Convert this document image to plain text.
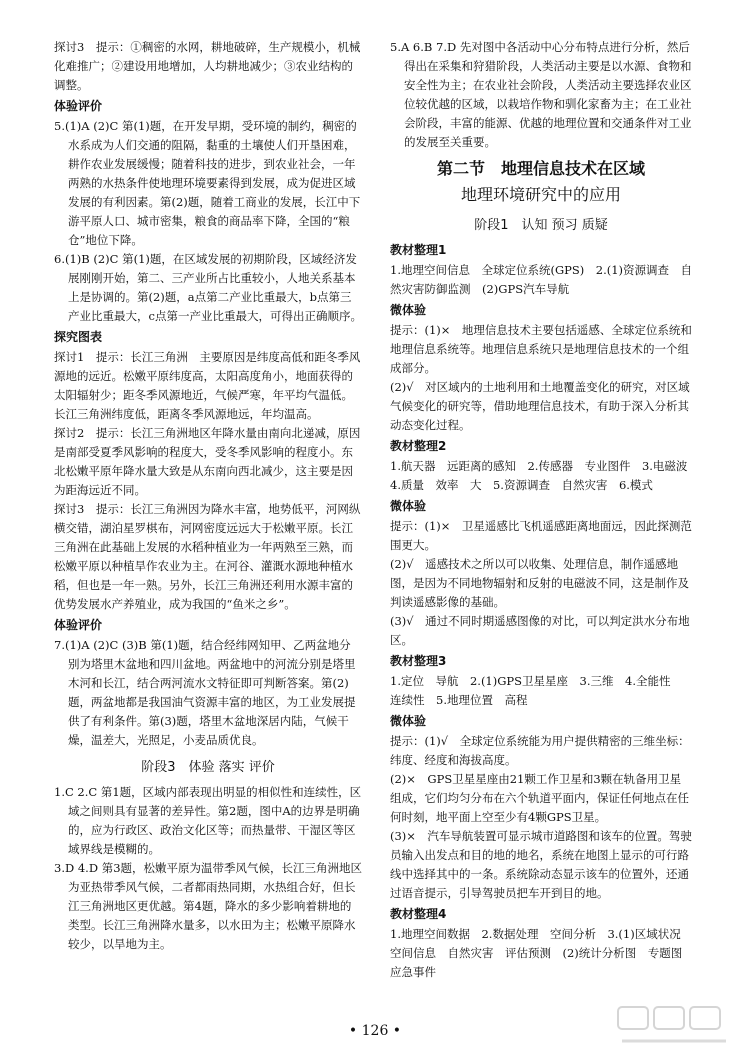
探讨3　提示：①稠密的水网，耕地破碎，生产规模小，机械化难推广；②建设用地增加，人均耕地减少；③农业结构的调整。

体验评价

5.(1)A (2)C 第(1)题，在开发早期，受环境的制约，稠密的水系成为人们交通的阻隔，黏重的土壤使人们开垦困难，耕作农业发展缓慢；随着科技的进步，到农业社会，一年两熟的水热条件使地理环境要素得到发展，成为促进区域发展的有利因素。第(2)题，随着工商业的发展，长江中下游平原人口、城市密集，粮食的商品率下降，全国的“粮仓”地位下降。

6.(1)B (2)C 第(1)题，在区域发展的初期阶段，区域经济发展刚刚开始，第二、三产业所占比重较小，人地关系基本上是协调的。第(2)题，a点第二产业比重最大，b点第三产业比重最大，c点第一产业比重最大，可得出正确顺序。

探究图表

探讨1　提示：长江三角洲　主要原因是纬度高低和距冬季风源地的远近。松嫩平原纬度高，太阳高度角小，地面获得的太阳辐射少；距冬季风源地近，气候严寒，年平均气温低。长江三角洲纬度低，距离冬季风源地远，年均温高。

探讨2　提示：长江三角洲地区年降水量由南向北递减，原因是南部受夏季风影响的程度大，受冬季风影响的程度小。东北松嫩平原年降水量大致是从东南向西北减少，这主要是因为距海远近不同。

探讨3　提示：长江三角洲因为降水丰富，地势低平，河网纵横交错，湖泊星罗棋布，河网密度远远大于松嫩平原。长江三角洲在此基础上发展的水稻种植业为一年两熟至三熟，而松嫩平原以种植旱作农业为主。在河谷、灌溉水源地种植水稻，但也是一年一熟。另外，长江三角洲还利用水源丰富的优势发展水产养殖业，成为我国的“鱼米之乡”。

体验评价

7.(1)A (2)C (3)B 第(1)题，结合经纬网知甲、乙两盆地分别为塔里木盆地和四川盆地。两盆地中的河流分别是塔里木河和长江，结合两河流水文特征即可判断答案。第(2)题，两盆地都是我国油气资源丰富的地区，为工业发展提供了有利条件。第(3)题，塔里木盆地深居内陆，气候干燥，温差大，光照足，小麦品质优良。

阶段3　体验 落实 评价

1.C 2.C 第1题，区域内部表现出明显的相似性和连续性，区域之间则具有显著的差异性。第2题，图中A的边界是明确的，应为行政区、政治文化区等；而热量带、干湿区等区域界线是模糊的。

3.D 4.D 第3题，松嫩平原为温带季风气候，长江三角洲地区为亚热带季风气候，二者都雨热同期，水热组合好，但长江三角洲地区更优越。第4题，降水的多少影响着耕地的类型。长江三角洲降水量多，以水田为主；松嫩平原降水较少，以旱地为主。

5.A 6.B 7.D 先对图中各活动中心分布特点进行分析，然后得出在采集和狩猎阶段，人类活动主要是以水源、食物和安全性为主；在农业社会阶段，人类活动主要选择农业区位较优越的区域，以栽培作物和驯化家畜为主；在工业社会阶段，丰富的能源、优越的地理位置和交通条件对工业的发展至关重要。

第二节　地理信息技术在区域

地理环境研究中的应用

阶段1　认知 预习 质疑

教材整理1

1.地理空间信息　全球定位系统(GPS)　2.(1)资源调查　自然灾害防御监测　(2)GPS汽车导航

微体验

提示：(1)×　地理信息技术主要包括遥感、全球定位系统和地理信息系统等。地理信息系统只是地理信息技术的一个组成部分。

(2)√　对区域内的土地利用和土地覆盖变化的研究，对区域气候变化的研究等，借助地理信息技术，有助于深入分析其动态变化过程。

教材整理2

1.航天器　远距离的感知　2.传感器　专业图件　3.电磁波　4.质量　效率　大　5.资源调查　自然灾害　6.模式

微体验

提示：(1)×　卫星遥感比飞机遥感距离地面远，因此探测范围更大。

(2)√　遥感技术之所以可以收集、处理信息，制作遥感地图，是因为不同地物辐射和反射的电磁波不同，这是制作及判读遥感影像的基础。

(3)√　通过不同时期遥感图像的对比，可以判定洪水分布地区。

教材整理3

1.定位　导航　2.(1)GPS卫星星座　3.三维　4.全能性　连续性　5.地理位置　高程

微体验

提示：(1)√　全球定位系统能为用户提供精密的三维坐标：纬度、经度和海拔高度。

(2)×　GPS卫星星座由21颗工作卫星和3颗在轨备用卫星组成，它们均匀分布在六个轨道平面内，保证任何地点在任何时刻，地平面上空至少有4颗GPS卫星。

(3)×　汽车导航装置可显示城市道路图和该车的位置。驾驶员输入出发点和目的地的地名，系统在地图上显示的可行路线中选择其中的一条。系统除动态显示该车的位置外，还通过语音提示，引导驾驶员把车开到目的地。

教材整理4

1.地理空间数据　2.数据处理　空间分析　3.(1)区域状况　空间信息　自然灾害　评估预测　(2)统计分析图　专题图　应急事件

• 126 •
